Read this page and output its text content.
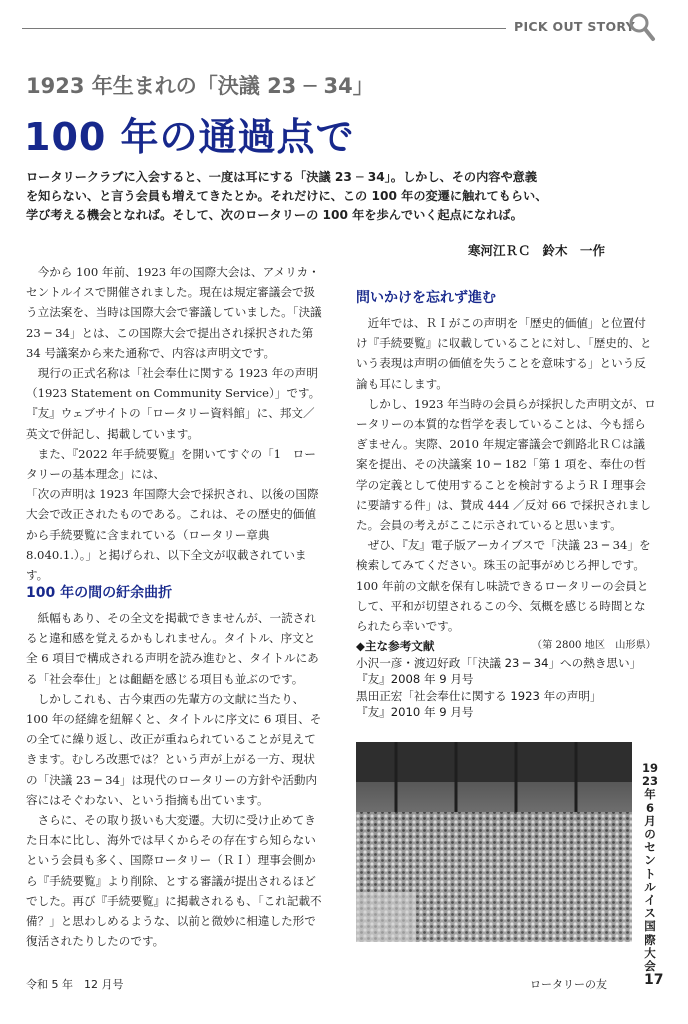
PICK OUT STORY
1923 年生まれの「決議 23 ─ 34」
100 年の通過点で
ロータリークラブに入会すると、一度は耳にする「決議 23 ─ 34」。しかし、その内容や意義
を知らない、と言う会員も増えてきたとか。それだけに、この 100 年の変遷に触れてもらい、
学び考える機会となれば。そして、次のロータリーの 100 年を歩んでいく起点になれば。
寒河江ＲＣ 鈴木　一作

今から 100 年前、1923 年の国際大会は、アメリカ・セントルイスで開催されました。現在は規定審議会で扱う立法案を、当時は国際大会で審議していました。「決議 23 ─ 34」とは、この国際大会で提出され採択された第 34 号議案から来た通称で、内容は声明文です。

現行の正式名称は「社会奉仕に関する 1923 年の声明（1923 Statement on Community Service）」です。『友』ウェブサイトの「ロータリー資料館」に、邦文／英文で併記し、掲載しています。

また、『2022 年手続要覧』を開いてすぐの「1　ロータリーの基本理念」には、

「次の声明は 1923 年国際大会で採択され、以後の国際大会で改正されたものである。これは、その歴史的価値から手続要覧に含まれている（ロータリー章典 8.040.1.）。」と掲げられ、以下全文が収載されています。

100 年の間の紆余曲折

紙幅もあり、その全文を掲載できませんが、一読されると違和感を覚えるかもしれません。タイトル、序文と全 6 項目で構成される声明を読み進むと、タイトルにある「社会奉仕」とは齟齬を感じる項目も並ぶのです。

しかしこれも、古今東西の先輩方の文献に当たり、100 年の経緯を紐解くと、タイトルに序文に 6 項目、その全てに繰り返し、改正が重ねられていることが見えてきます。むしろ改悪では？という声が上がる一方、現状の「決議 23 ─ 34」は現代のロータリーの方針や活動内容にはそぐわない、という指摘も出ています。

さらに、その取り扱いも大変遷。大切に受け止めてきた日本に比し、海外では早くからその存在すら知らないという会員も多く、国際ロータリー（ＲＩ）理事会側から『手続要覧』より削除、とする審議が提出されるほどでした。再び『手続要覧』に掲載されるも、「これ記載不備？」と思わしめるような、以前と微妙に相違した形で復活されたりしたのです。

問いかけを忘れず進む

近年では、ＲＩがこの声明を「歴史的価値」と位置付け『手続要覧』に収載していることに対し、「歴史的、という表現は声明の価値を失うことを意味する」という反論も耳にします。

しかし、1923 年当時の会員らが採択した声明文が、ロータリーの本質的な哲学を表していることは、今も揺らぎません。実際、2010 年規定審議会で釧路北ＲＣは議案を提出、その決議案 10 ─ 182「第 1 項を、奉仕の哲学の定義として使用することを検討するようＲＩ理事会に要請する件」は、賛成 444 ／反対 66 で採択されました。会員の考えがここに示されていると思います。

ぜひ、『友』電子版アーカイブスで「決議 23 ─ 34」を検索してみてください。珠玉の記事がめじろ押しです。100 年前の文献を保有し味読できるロータリーの会員として、平和が切望されるこの今、気概を感じる時間となられたら幸いです。

（第 2800 地区　山形県）

◆主な参考文献
小沢一彦・渡辺好政「「決議 23 ─ 34」への熱き思い」
『友』2008 年 9 月号
黒田正宏「社会奉仕に関する 1923 年の声明」
『友』2010 年 9 月号
1923年6月のセントルイス国際大会
令和 5 年　12 月号	ロータリーの友	17
